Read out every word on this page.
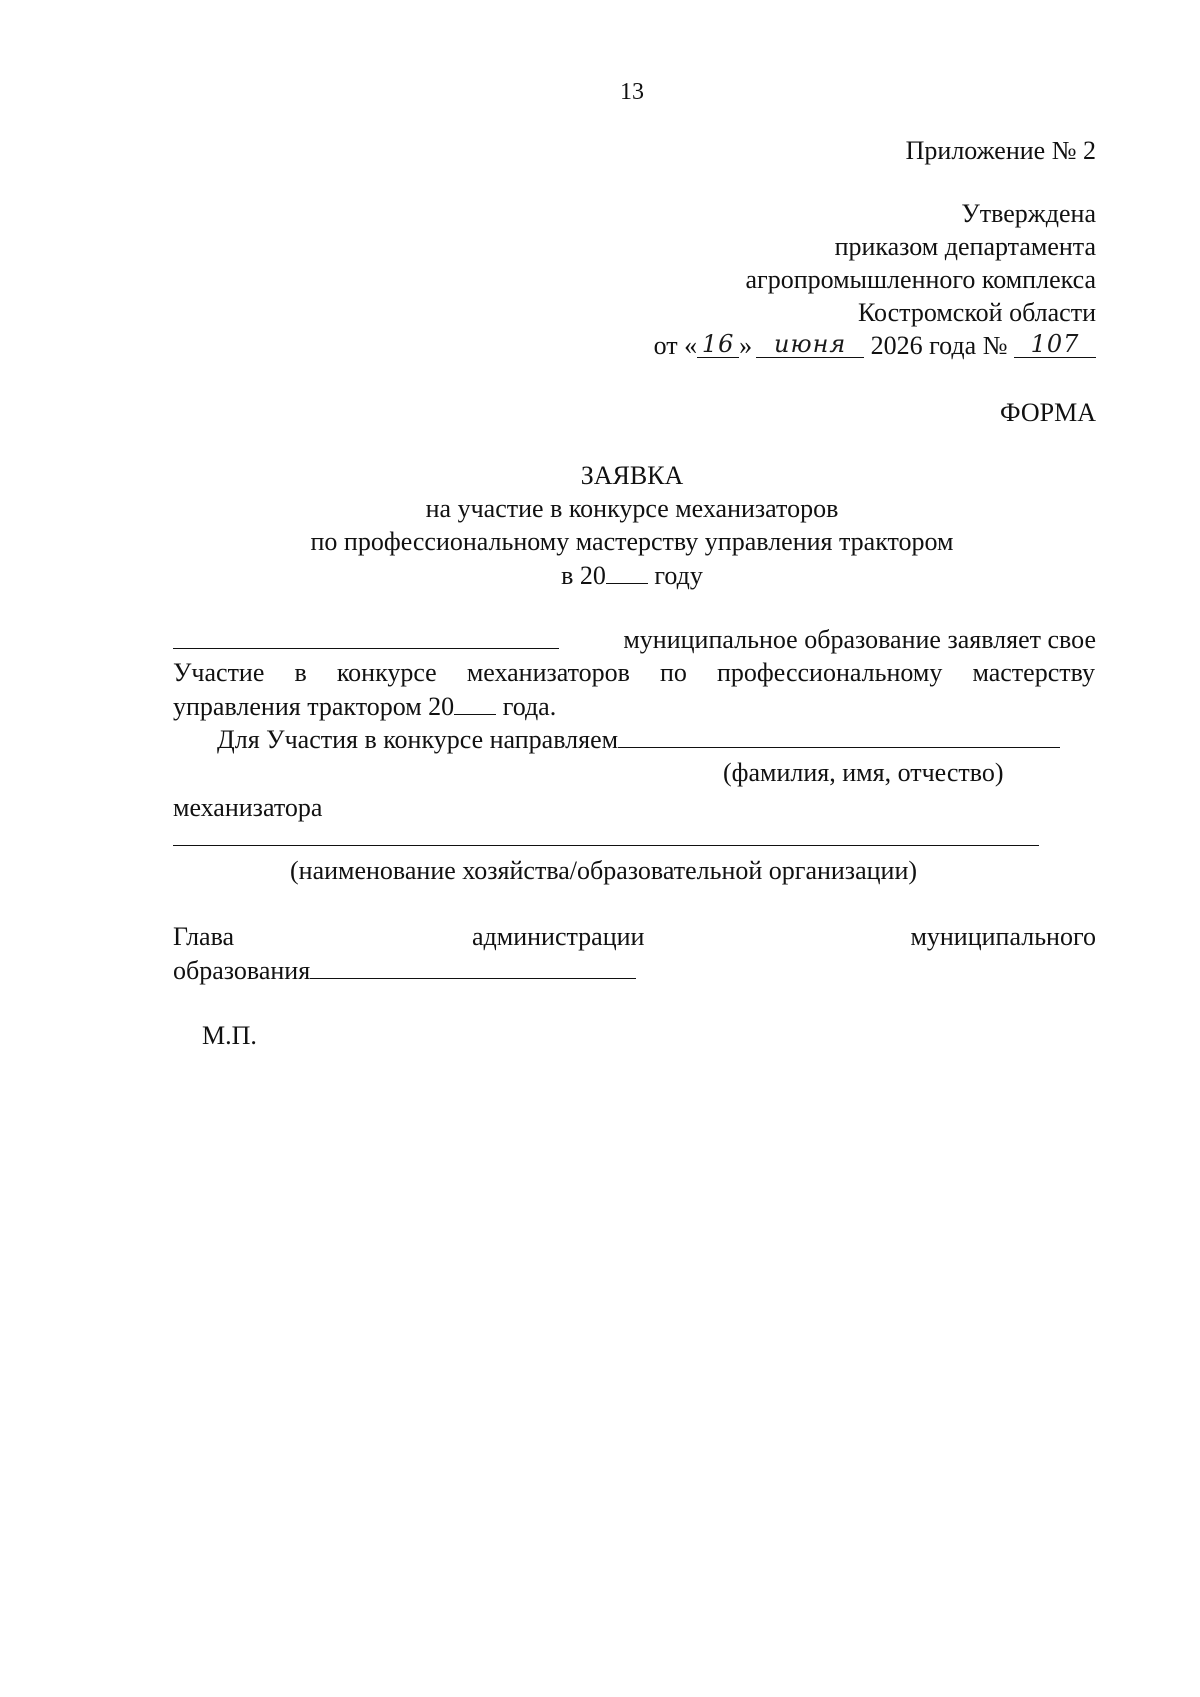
13
Приложение № 2
Утверждена
приказом департамента
агропромышленного комплекса
Костромской области
от « 16 » июня 2026 года № 107
ФОРМА
ЗАЯВКА
на участие в конкурсе механизаторов
по профессиональному мастерству управления трактором
в 20 году
муниципальное образование заявляет свое
Участие в конкурсе механизаторов по профессиональному мастерству
управления трактором 20 года.
Для Участия в конкурсе направляем
(фамилия, имя, отчество)
механизатора
(наименование хозяйства/образовательной организации)
Глава	администрации	муниципального
образования
М.П.
